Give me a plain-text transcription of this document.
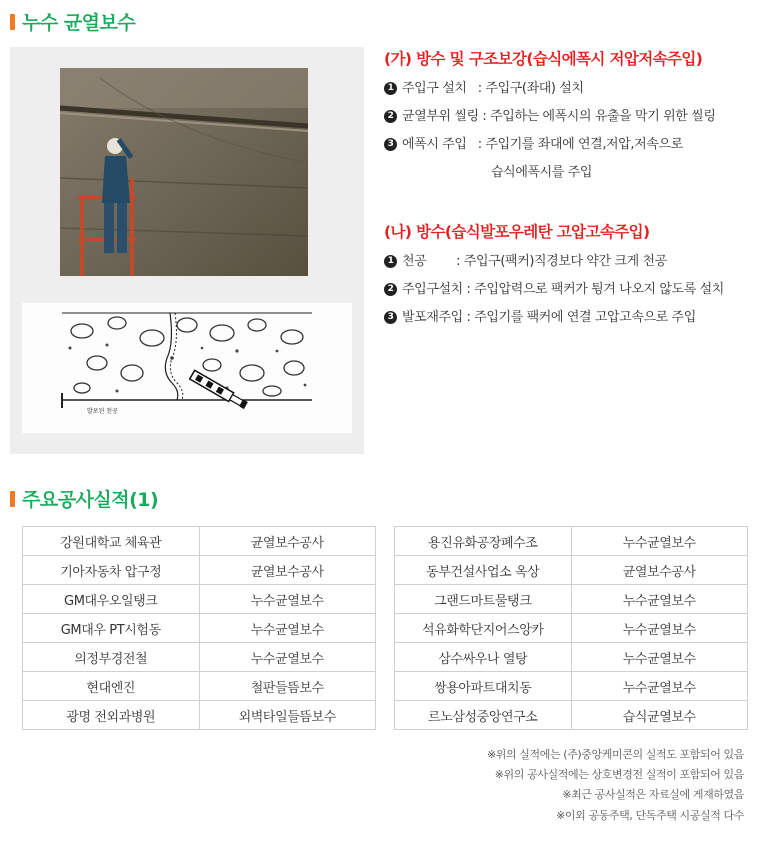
누수 균열보수
발포된 천공
(가) 방수 및 구조보강(습식에폭시 저압저속주입)
1 주입구 설치   : 주입구(좌대) 설치
2 균열부위 씰링 : 주입하는 에폭시의 유출을 막기 위한 씰링
3 에폭시 주입   : 주입기를 좌대에 연결,저압,저속으로
습식에폭시를 주입
(나) 방수(습식발포우레탄 고압고속주입)
1 천공        : 주입구(팩커)직경보다 약간 크게 천공
2 주입구설치 : 주입압력으로 팩커가 튕겨 나오지 않도록 설치
3 발포재주입 : 주입기를 팩커에 연결 고압고속으로 주입
주요공사실적(1)
강원대학교 체육관	균열보수공사
기아자동차 압구정	균열보수공사
GM대우오일탱크	누수균열보수
GM대우 PT시험동	누수균열보수
의정부경전철	누수균열보수
현대엔진	철판들뜸보수
광명 전외과병원	외벽타일들뜸보수
용진유화공장폐수조	누수균열보수
동부건설사업소 옥상	균열보수공사
그랜드마트물탱크	누수균열보수
석유화학단지어스앙카	누수균열보수
삼수싸우나 열탕	누수균열보수
쌍용아파트대치동	누수균열보수
르노삼성중앙연구소	습식균열보수

※위의 실적에는 (주)중앙케미콘의 실적도 포함되어 있음

※위의 공사실적에는 상호변경전 실적이 포함되어 있음

※최근 공사실적은 자료실에 게재하였음

※이외 공동주택, 단독주택 시공실적 다수
